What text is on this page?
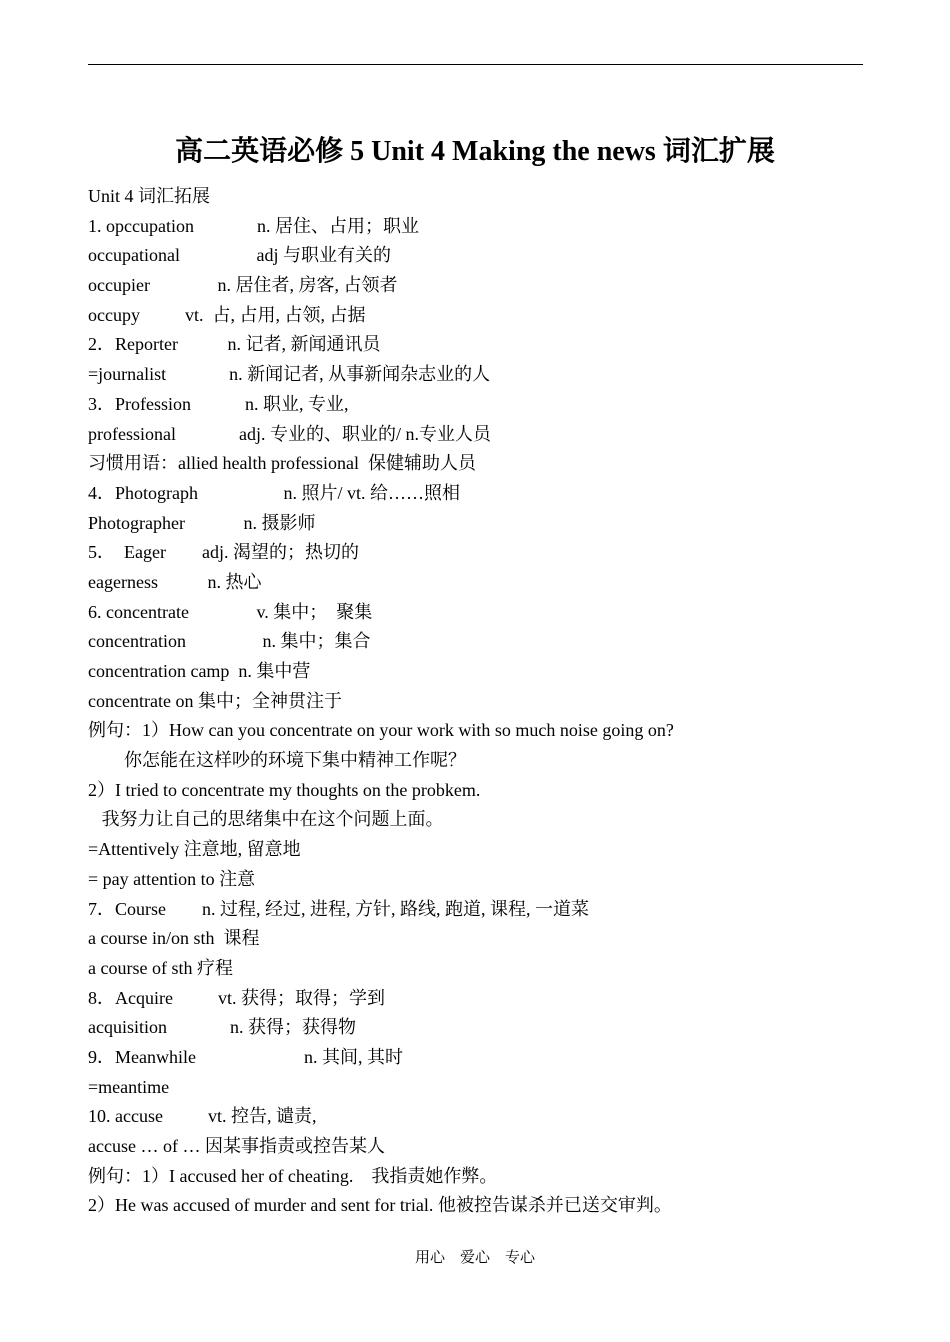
高二英语必修 5 Unit 4 Making the news 词汇扩展
Unit 4 词汇拓展
1. opccupation              n. 居住、占用；职业
occupational                 adj 与职业有关的
occupier               n. 居住者, 房客, 占领者
occupy          vt.  占, 占用, 占领, 占据
2．Reporter           n. 记者, 新闻通讯员
=journalist              n. 新闻记者, 从事新闻杂志业的人
3．Profession            n. 职业, 专业,
professional              adj. 专业的、职业的/ n.专业人员
习惯用语：allied health professional  保健辅助人员
4．Photograph                   n. 照片/ vt. 给……照相
Photographer             n. 摄影师
5．  Eager        adj. 渴望的；热切的
eagerness           n. 热心
6. concentrate               v. 集中；  聚集
concentration                 n. 集中；集合
concentration camp  n. 集中营
concentrate on 集中；全神贯注于
例句：1）How can you concentrate on your work with so much noise going on?
你怎能在这样吵的环境下集中精神工作呢？
2）I tried to concentrate my thoughts on the probkem.
我努力让自己的思绪集中在这个问题上面。
=Attentively 注意地, 留意地
= pay attention to 注意
7．Course        n. 过程, 经过, 进程, 方针, 路线, 跑道, 课程, 一道菜
a course in/on sth  课程
a course of sth 疗程
8．Acquire          vt. 获得；取得；学到
acquisition              n. 获得；获得物
9．Meanwhile                        n. 其间, 其时
=meantime
10. accuse          vt. 控告, 谴责,
accuse … of … 因某事指责或控告某人
例句：1）I accused her of cheating.    我指责她作弊。
2）He was accused of murder and sent for trial. 他被控告谋杀并已送交审判。
用心    爱心    专心
